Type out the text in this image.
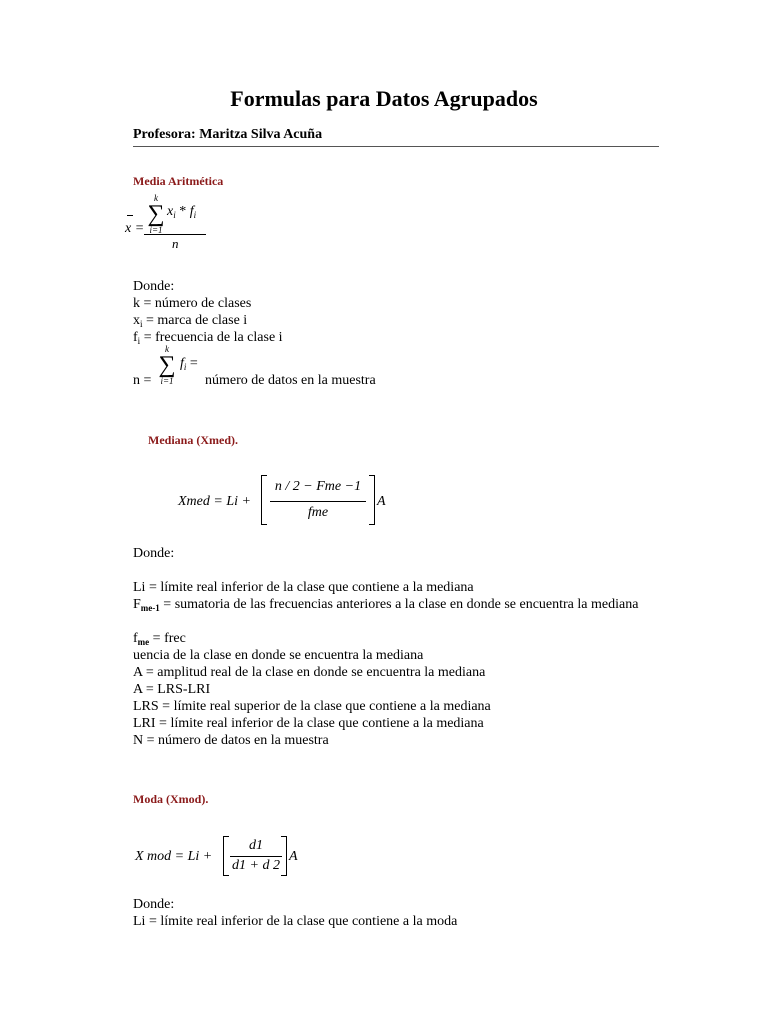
Formulas para Datos Agrupados
Profesora: Maritza Silva Acuña
Media Aritmética
x =
k
∑
i=1
$x_i * f_i$
n
Donde:
k = número de clases
$x_i$ = marca de clase i
$f_i$ = frecuencia de la clase i
n =
k
∑
i=1
$f_i$ =
número de datos en la muestra
Mediana (Xmed).
Xmed = Li +
n / 2 − Fme −1
fme
A
Donde:
Li = límite real inferior de la clase que contiene a la mediana
$F_{me-1}$ = sumatoria de las frecuencias anteriores a la clase en donde se encuentra la mediana
$f_{me}$ = frec
uencia de la clase en donde se encuentra la mediana
A = amplitud real de la clase en donde se encuentra la mediana
A = LRS-LRI
LRS = límite real superior de la clase que contiene a la mediana
LRI = límite real inferior de la clase que contiene a la mediana
N = número de datos en la muestra
Moda (Xmod).
X mod = Li +
d1
d1 + d 2
A
Donde:
Li = límite real inferior de la clase que contiene a la moda
